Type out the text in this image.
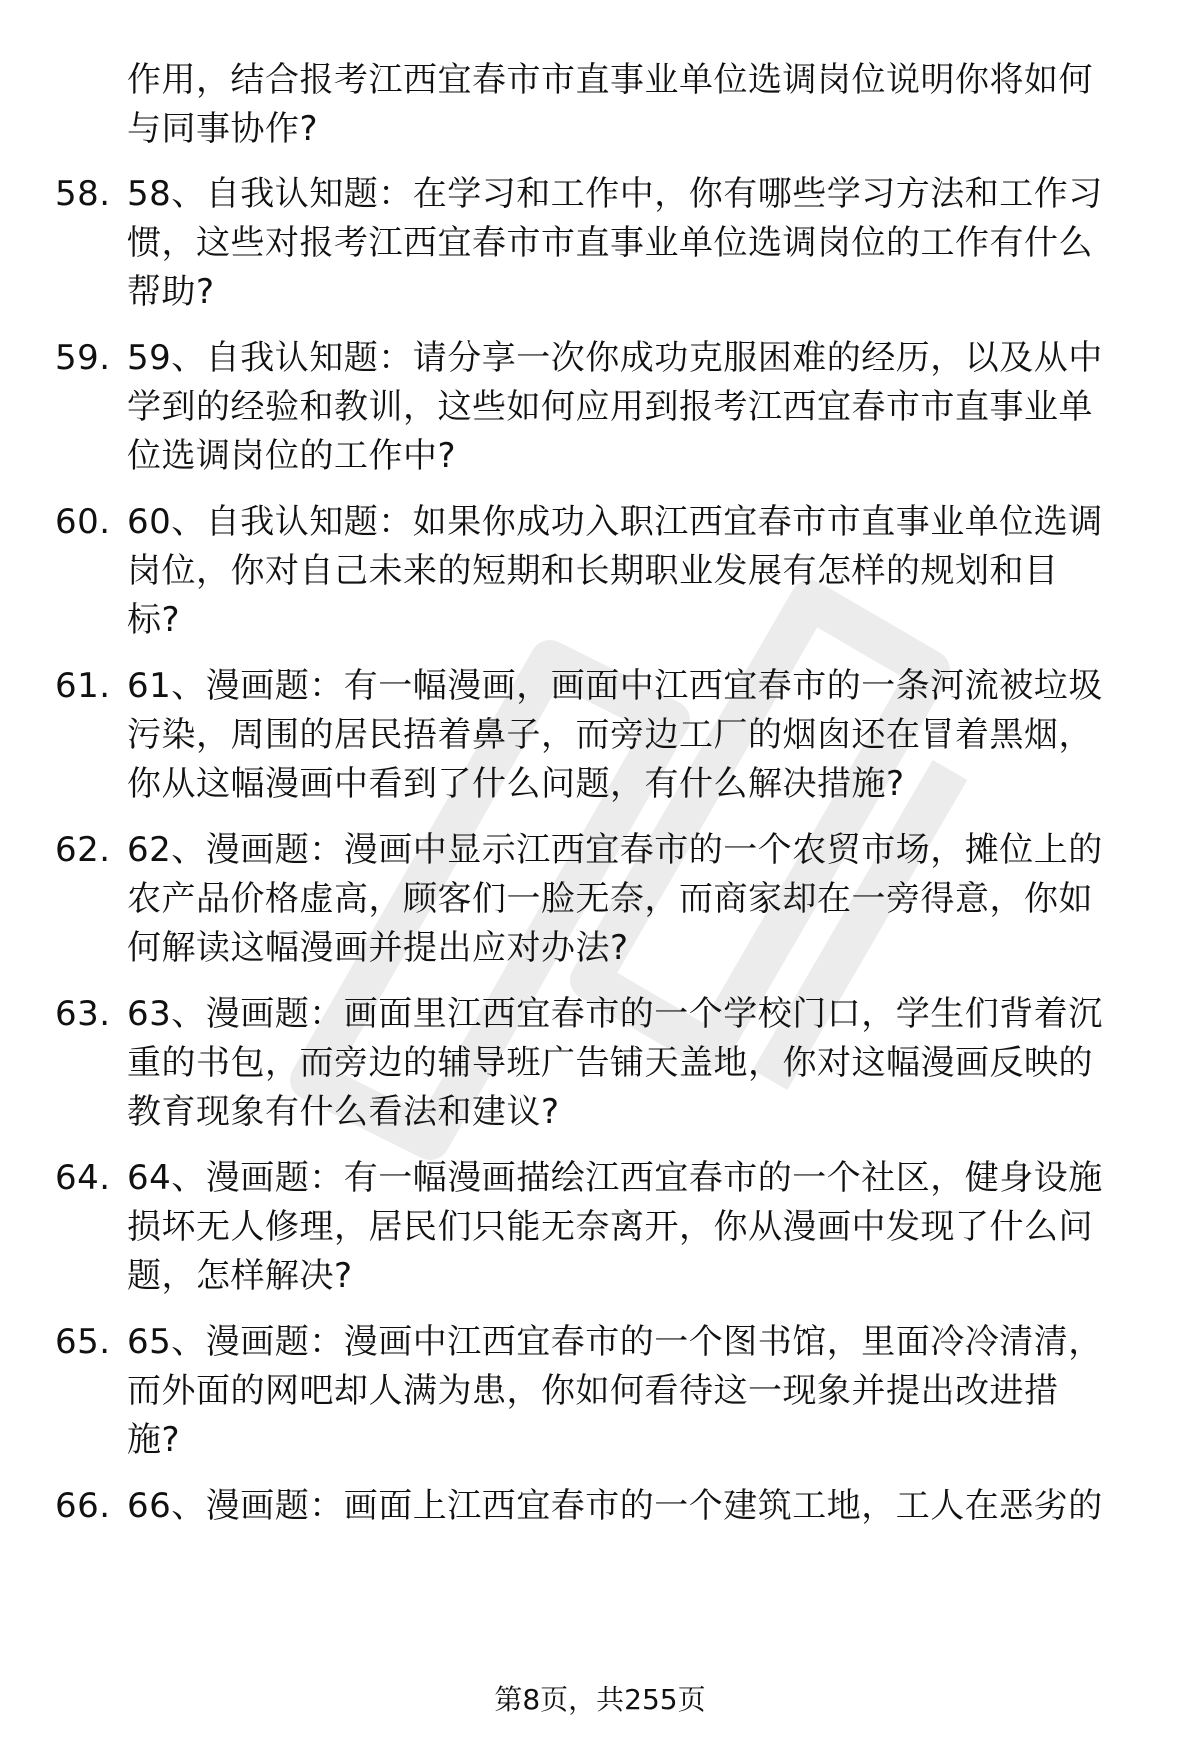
作用，结合报考江西宜春市市直事业单位选调岗位说明你将如何
与同事协作?
58. 58、自我认知题：在学习和工作中，你有哪些学习方法和工作习
惯，这些对报考江西宜春市市直事业单位选调岗位的工作有什么
帮助?
59. 59、自我认知题：请分享一次你成功克服困难的经历，以及从中
学到的经验和教训，这些如何应用到报考江西宜春市市直事业单
位选调岗位的工作中?
60. 60、自我认知题：如果你成功入职江西宜春市市直事业单位选调
岗位，你对自己未来的短期和长期职业发展有怎样的规划和目
标?
61. 61、漫画题：有一幅漫画，画面中江西宜春市的一条河流被垃圾
污染，周围的居民捂着鼻子，而旁边工厂的烟囱还在冒着黑烟，
你从这幅漫画中看到了什么问题，有什么解决措施?
62. 62、漫画题：漫画中显示江西宜春市的一个农贸市场，摊位上的
农产品价格虚高，顾客们一脸无奈，而商家却在一旁得意，你如
何解读这幅漫画并提出应对办法?
63. 63、漫画题：画面里江西宜春市的一个学校门口，学生们背着沉
重的书包，而旁边的辅导班广告铺天盖地，你对这幅漫画反映的
教育现象有什么看法和建议?
64. 64、漫画题：有一幅漫画描绘江西宜春市的一个社区，健身设施
损坏无人修理，居民们只能无奈离开，你从漫画中发现了什么问
题，怎样解决?
65. 65、漫画题：漫画中江西宜春市的一个图书馆，里面冷冷清清，
而外面的网吧却人满为患，你如何看待这一现象并提出改进措
施?
66. 66、漫画题：画面上江西宜春市的一个建筑工地，工人在恶劣的
第8页，共255页
